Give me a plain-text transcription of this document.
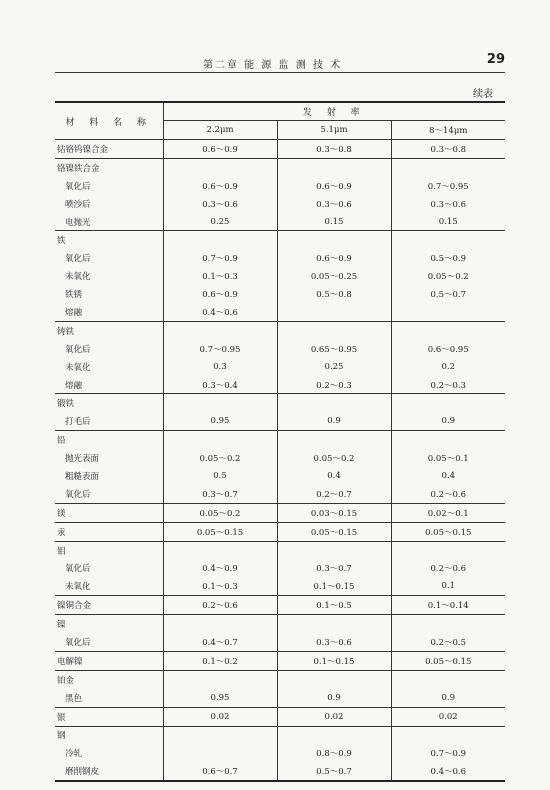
第二章 能 源 监 测 技 术	29
续表
材 料 名 称	发 射 率		
	2.2μm	5.1μm	8～14μm
钴铬钨镍合金	0.6～0.9	0.3～0.8	0.3～0.8
铬镍铁合金			
氧化后	0.6～0.9	0.6～0.9	0.7～0.95
喷沙后	0.3～0.6	0.3～0.6	0.3～0.6
电抛光	0.25	0.15	0.15
铁			
氧化后	0.7～0.9	0.6～0.9	0.5～0.9
未氧化	0.1～0.3	0.05～0.25	0.05～0.2
铁锈	0.6～0.9	0.5～0.8	0.5～0.7
熔融	0.4～0.6		
铸铁			
氧化后	0.7～0.95	0.65～0.95	0.6～0.95
未氧化	0.3	0.25	0.2
熔融	0.3～0.4	0.2～0.3	0.2～0.3
锻铁			
打毛后	0.95	0.9	0.9
铅			
抛光表面	0.05～0.2	0.05～0.2	0.05～0.1
粗糙表面	0.5	0.4	0.4
氧化后	0.3～0.7	0.2～0.7	0.2～0.6
镁	0.05～0.2	0.03～0.15	0.02～0.1
汞	0.05～0.15	0.05～0.15	0.05～0.15
钼			
氧化后	0.4～0.9	0.3～0.7	0.2～0.6
未氧化	0.1～0.3	0.1～0.15	0.1
镍铜合金	0.2～0.6	0.1～0.5	0.1～0.14
镍			
氧化后	0.4～0.7	0.3～0.6	0.2～0.5
电解镍	0.1～0.2	0.1～0.15	0.05～0.15
铂金			
黑色	0.95	0.9	0.9
银	0.02	0.02	0.02
钢			
冷轧		0.8～0.9	0.7～0.9
磨削钢皮	0.6～0.7	0.5～0.7	0.4～0.6
